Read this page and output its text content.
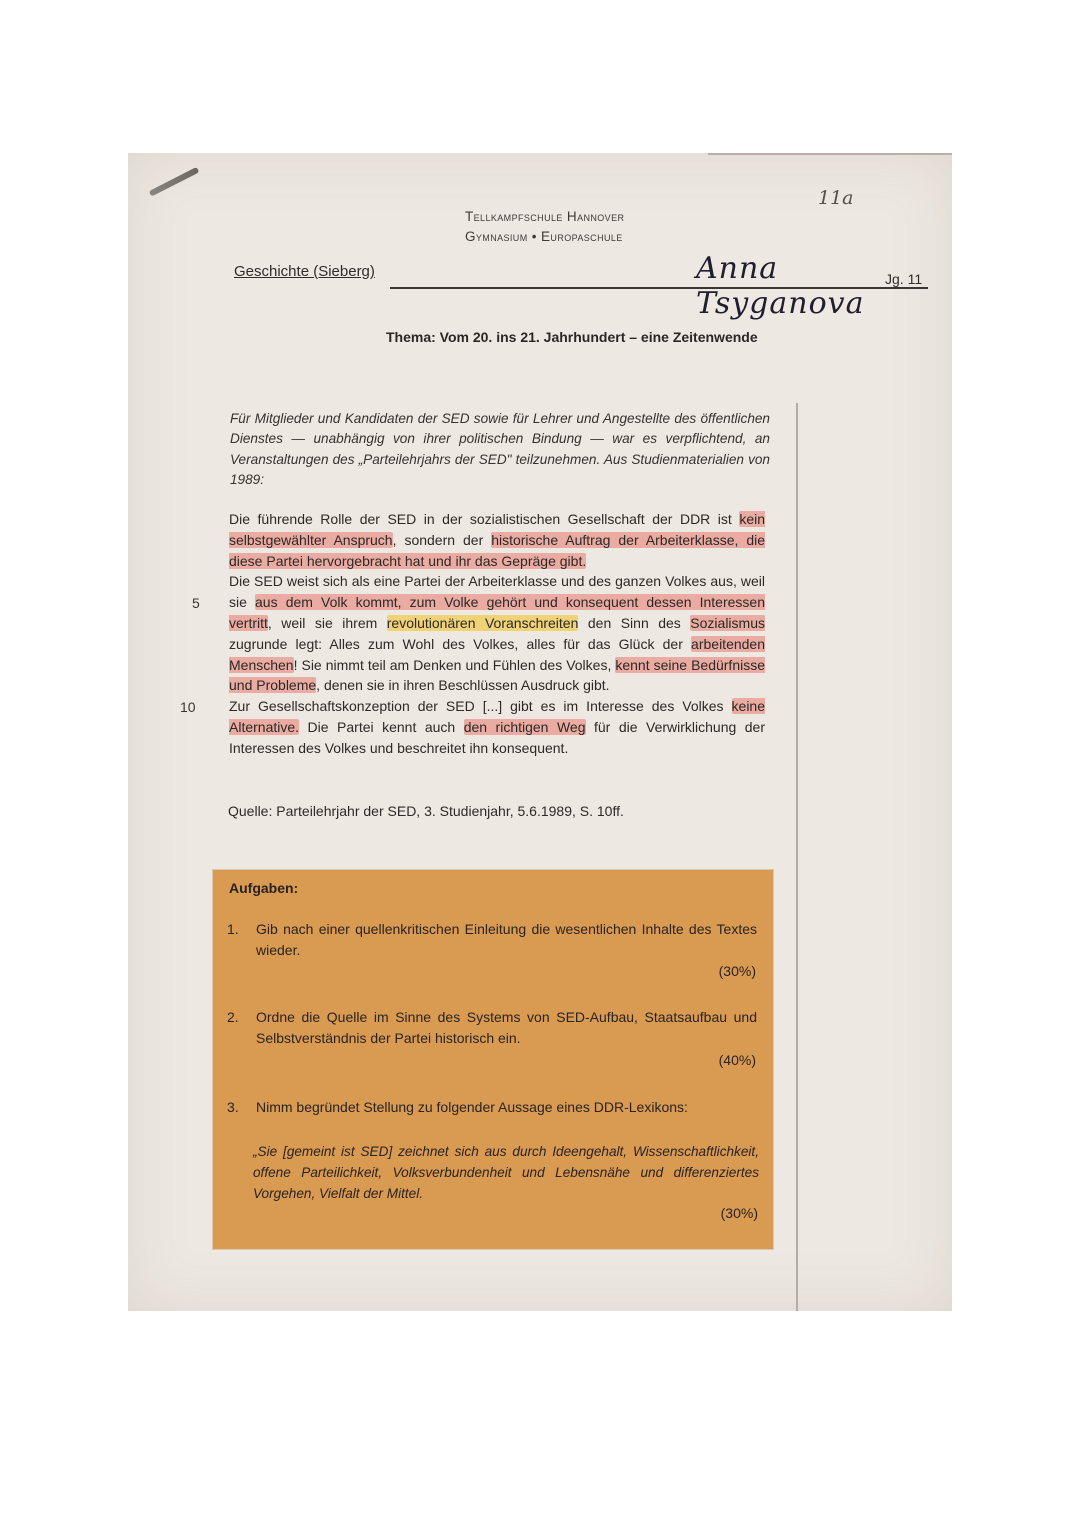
Tellkampfschule Hannover
Gymnasium • Europaschule
11a
Geschichte (Sieberg)	Anna Tsyganova
Jg. 11
Thema: Vom 20. ins 21. Jahrhundert – eine Zeitenwende
Für Mitglieder und Kandidaten der SED sowie für Lehrer und Angestellte des öffentlichen Dienstes — unabhängig von ihrer politischen Bindung — war es verpflichtend, an Veranstaltungen des „Parteilehrjahrs der SED" teilzunehmen. Aus Studienmaterialien von 1989:
Die führende Rolle der SED in der sozialistischen Gesellschaft der DDR ist kein selbstgewählter Anspruch, sondern der historische Auftrag der Arbeiterklasse, die diese Partei hervorgebracht hat und ihr das Gepräge gibt.
Die SED weist sich als eine Partei der Arbeiterklasse und des ganzen Volkes aus, weil sie aus dem Volk kommt, zum Volke gehört und konsequent dessen Interessen vertritt, weil sie ihrem revolutionären Voranschreiten den Sinn des Sozialismus zugrunde legt: Alles zum Wohl des Volkes, alles für das Glück der arbeitenden Menschen! Sie nimmt teil am Denken und Fühlen des Volkes, kennt seine Bedürfnisse und Probleme, denen sie in ihren Beschlüssen Ausdruck gibt.
Zur Gesellschaftskonzeption der SED [...] gibt es im Interesse des Volkes keine Alternative. Die Partei kennt auch den richtigen Weg für die Verwirklichung der Interessen des Volkes und beschreitet ihn konsequent.
5
10
Quelle: Parteilehrjahr der SED, 3. Studienjahr, 5.6.1989, S. 10ff.
Aufgaben:
1. Gib nach einer quellenkritischen Einleitung die wesentlichen Inhalte des Textes wieder.
(30%)
2. Ordne die Quelle im Sinne des Systems von SED-Aufbau, Staatsaufbau und Selbstverständnis der Partei historisch ein.
(40%)
3. Nimm begründet Stellung zu folgender Aussage eines DDR-Lexikons:
„Sie [gemeint ist SED] zeichnet sich aus durch Ideengehalt, Wissenschaftlichkeit, offene Parteilichkeit, Volksverbundenheit und Lebensnähe und differenziertes Vorgehen, Vielfalt der Mittel.
(30%)
